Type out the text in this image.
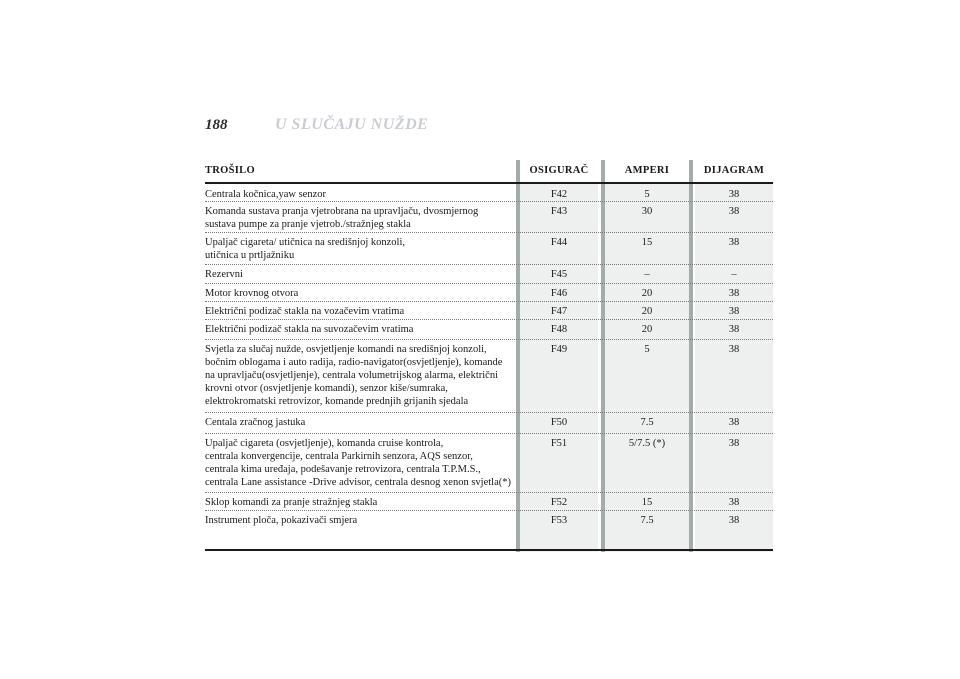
188	U SLUČAJU NUŽDE
TROŠILO	OSIGURAČ	AMPERI	DIJAGRAM
Centrala kočnica,yaw senzor	F42	5	38
Komanda sustava pranja vjetrobrana na upravljaču, dvosmjernog
sustava pumpe za pranje vjetrob./stražnjeg stakla
F43	30	38
Upaljač cigareta/ utičnica na središnjoj konzoli,
utičnica u prtljažniku
F44	15	38
Rezervni	F45	–	–
Motor krovnog otvora	F46	20	38
Električni podizač stakla na vozačevim vratima	F47	20	38
Električni podizač stakla na suvozačevim vratima	F48	20	38
Svjetla za slučaj nužde, osvjetljenje komandi na središnjoj konzoli,
bočnim oblogama i auto radija, radio-navigator(osvjetljenje), komande
na upravljaču(osvjetljenje), centrala volumetrijskog alarma, električni
krovni otvor (osvjetljenje komandi), senzor kiše/sumraka,
elektrokromatski retrovizor, komande prednjih grijanih sjedala
F49	5	38
Centala zračnog jastuka	F50	7.5	38
Upaljač cigareta (osvjetljenje), komanda cruise kontrola,
centrala konvergencije, centrala Parkirnih senzora, AQS senzor,
centrala kima uređaja, podešavanje retrovizora, centrala T.P.M.S.,
centrala Lane assistance -Drive advisor, centrala desnog xenon svjetla(*)
F51	5/7.5 (*)	38
Sklop komandi za pranje stražnjeg stakla	F52	15	38
Instrument ploča, pokazivači smjera	F53	7.5	38
